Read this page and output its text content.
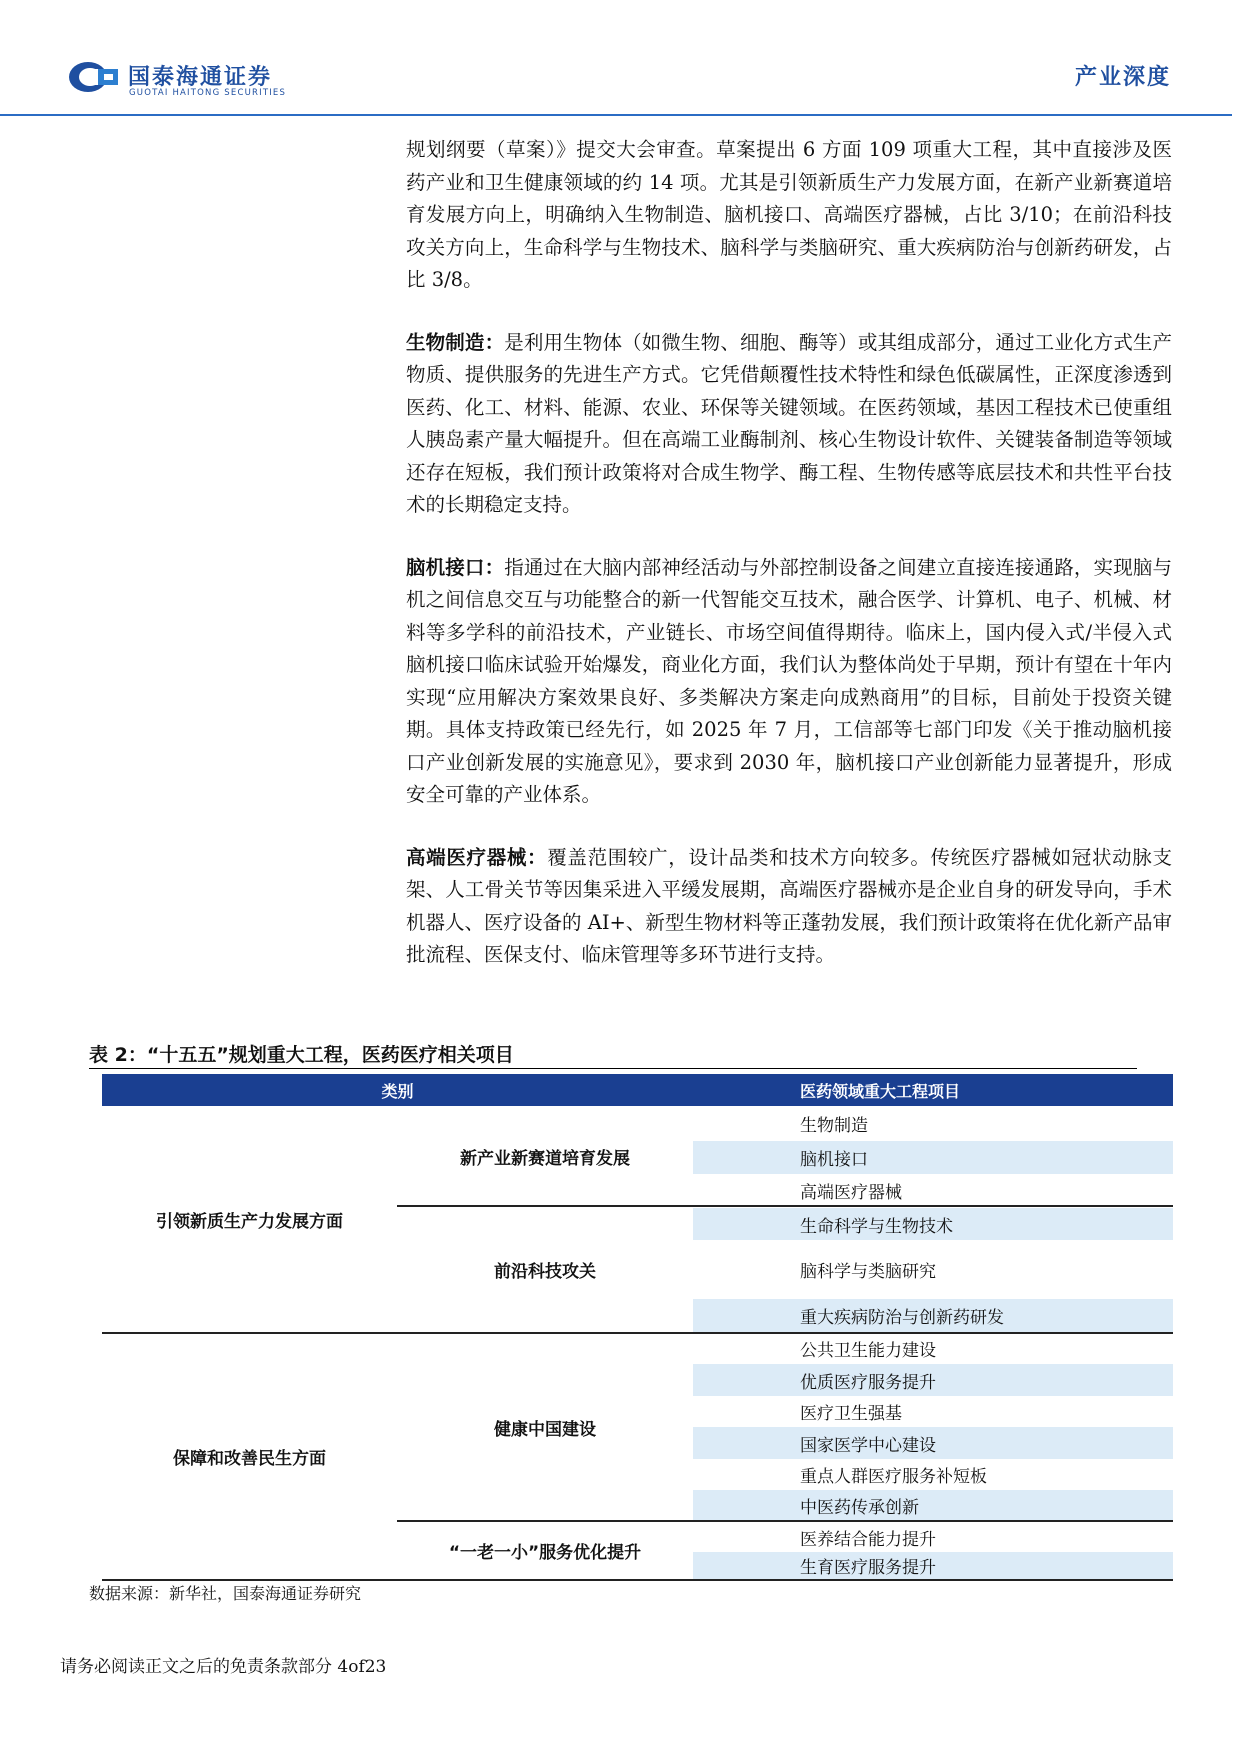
国泰海通证券
GUOTAI HAITONG SECURITIES
产业深度

规划纲要（草案）》提交大会审查。草案提出 6 方面 109 项重大工程，其中直接涉及医药产业和卫生健康领域的约 14 项。尤其是引领新质生产力发展方面，在新产业新赛道培育发展方向上，明确纳入生物制造、脑机接口、高端医疗器械，占比 3/10；在前沿科技攻关方向上，生命科学与生物技术、脑科学与类脑研究、重大疾病防治与创新药研发，占比 3/8。

生物制造：是利用生物体（如微生物、细胞、酶等）或其组成部分，通过工业化方式生产物质、提供服务的先进生产方式。它凭借颠覆性技术特性和绿色低碳属性，正深度渗透到医药、化工、材料、能源、农业、环保等关键领域。在医药领域，基因工程技术已使重组人胰岛素产量大幅提升。但在高端工业酶制剂、核心生物设计软件、关键装备制造等领域还存在短板，我们预计政策将对合成生物学、酶工程、生物传感等底层技术和共性平台技术的长期稳定支持。

脑机接口：指通过在大脑内部神经活动与外部控制设备之间建立直接连接通路，实现脑与机之间信息交互与功能整合的新一代智能交互技术，融合医学、计算机、电子、机械、材料等多学科的前沿技术，产业链长、市场空间值得期待。临床上，国内侵入式/半侵入式脑机接口临床试验开始爆发，商业化方面，我们认为整体尚处于早期，预计有望在十年内实现“应用解决方案效果良好、多类解决方案走向成熟商用”的目标，目前处于投资关键期。具体支持政策已经先行，如 2025 年 7 月，工信部等七部门印发《关于推动脑机接口产业创新发展的实施意见》，要求到 2030 年，脑机接口产业创新能力显著提升，形成安全可靠的产业体系。

高端医疗器械：覆盖范围较广，设计品类和技术方向较多。传统医疗器械如冠状动脉支架、人工骨关节等因集采进入平缓发展期，高端医疗器械亦是企业自身的研发导向，手术机器人、医疗设备的 AI+、新型生物材料等正蓬勃发展，我们预计政策将在优化新产品审批流程、医保支付、临床管理等多环节进行支持。

表 2：“十五五”规划重大工程，医药医疗相关项目
类别	医药领域重大工程项目
引领新质生产力发展方面
新产业新赛道培育发展
前沿科技攻关
生物制造
脑机接口
高端医疗器械
生命科学与生物技术
脑科学与类脑研究
保障和改善民生方面
健康中国建设
“一老一小”服务优化提升
公共卫生能力建设
优质医疗服务提升
医疗卫生强基
国家医学中心建设
重点人群医疗服务补短板
中医药传承创新
医养结合能力提升
生育医疗服务提升
重大疾病防治与创新药研发
数据来源：新华社，国泰海通证券研究
请务必阅读正文之后的免责条款部分 4of23
